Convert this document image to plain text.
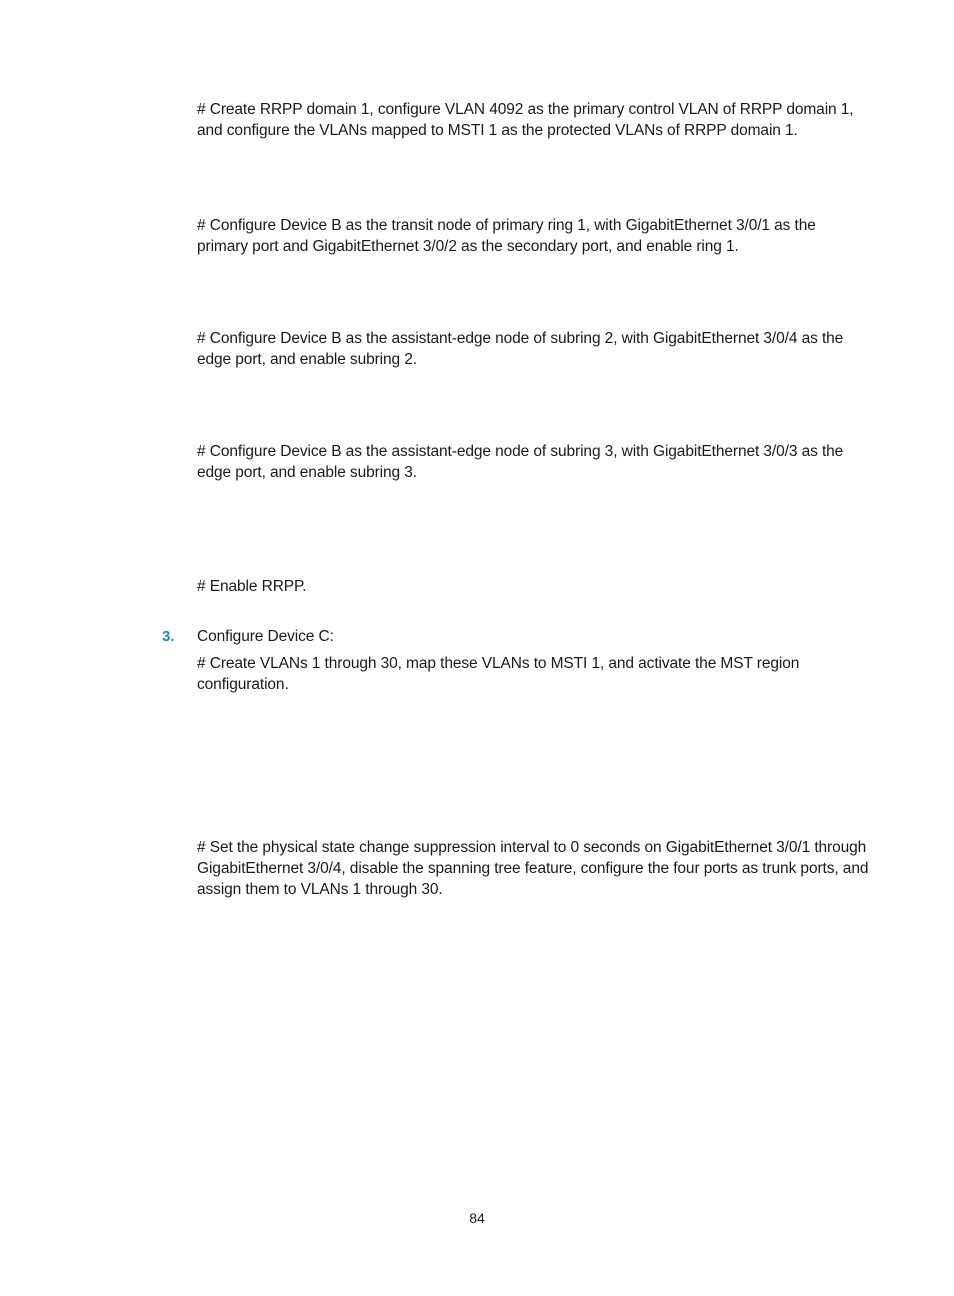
# Create RRPP domain 1, configure VLAN 4092 as the primary control VLAN of RRPP domain 1, and configure the VLANs mapped to MSTI 1 as the protected VLANs of RRPP domain 1.

# Configure Device B as the transit node of primary ring 1, with GigabitEthernet 3/0/1 as the primary port and GigabitEthernet 3/0/2 as the secondary port, and enable ring 1.

# Configure Device B as the assistant-edge node of subring 2, with GigabitEthernet 3/0/4 as the edge port, and enable subring 2.

# Configure Device B as the assistant-edge node of subring 3, with GigabitEthernet 3/0/3 as the edge port, and enable subring 3.

# Enable RRPP.

3. Configure Device C:

# Create VLANs 1 through 30, map these VLANs to MSTI 1, and activate the MST region configuration.

# Set the physical state change suppression interval to 0 seconds on GigabitEthernet 3/0/1 through GigabitEthernet 3/0/4, disable the spanning tree feature, configure the four ports as trunk ports, and assign them to VLANs 1 through 30.

84
